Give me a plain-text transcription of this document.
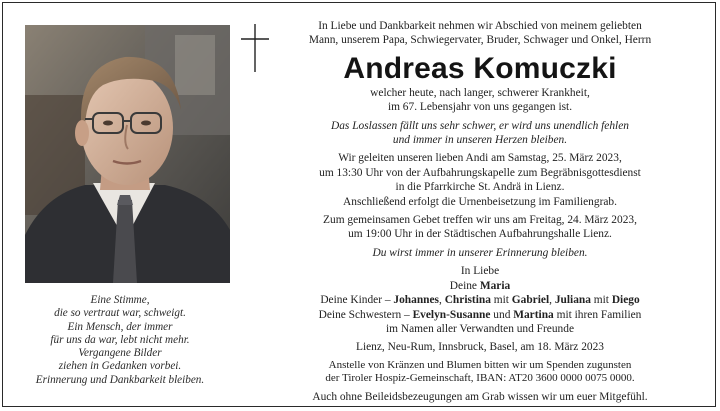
Eine Stimme,
die so vertraut war, schweigt.
Ein Mensch, der immer
für uns da war, lebt nicht mehr.
Vergangene Bilder
ziehen in Gedanken vorbei.
Erinnerung und Dankbarkeit bleiben.
In Liebe und Dankbarkeit nehmen wir Abschied von meinem geliebten
Mann, unserem Papa, Schwiegervater, Bruder, Schwager und Onkel, Herrn
Andreas Komuczki
welcher heute, nach langer, schwerer Krankheit,
im 67. Lebensjahr von uns gegangen ist.
Das Loslassen fällt uns sehr schwer, er wird uns unendlich fehlen
und immer in unseren Herzen bleiben.
Wir geleiten unseren lieben Andi am Samstag, 25. März 2023,
um 13:30 Uhr von der Aufbahrungskapelle zum Begräbnisgottesdienst
in die Pfarrkirche St. Andrä in Lienz.
Anschließend erfolgt die Urnenbeisetzung im Familiengrab.
Zum gemeinsamen Gebet treffen wir uns am Freitag, 24. März 2023,
um 19:00 Uhr in der Städtischen Aufbahrungshalle Lienz.
Du wirst immer in unserer Erinnerung bleiben.
In Liebe
Deine Maria
Deine Kinder – Johannes, Christina mit Gabriel, Juliana mit Diego
Deine Schwestern – Evelyn-Susanne und Martina mit ihren Familien
im Namen aller Verwandten und Freunde
Lienz, Neu-Rum, Innsbruck, Basel, am 18. März 2023
Anstelle von Kränzen und Blumen bitten wir um Spenden zugunsten
der Tiroler Hospiz-Gemeinschaft, IBAN: AT20 3600 0000 0075 0000.
Auch ohne Beileidsbezeugungen am Grab wissen wir um euer Mitgefühl.
